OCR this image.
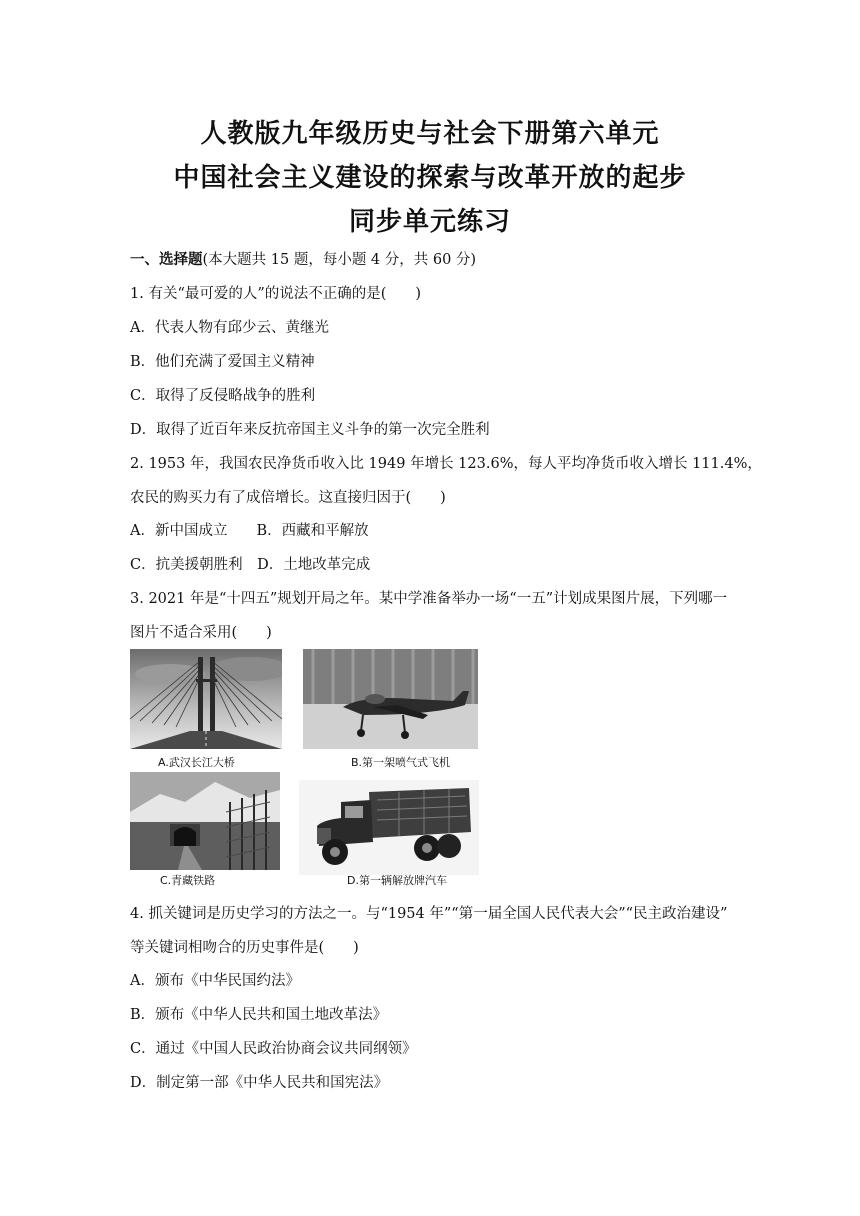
人教版九年级历史与社会下册第六单元
中国社会主义建设的探索与改革开放的起步
同步单元练习
一、选择题(本大题共 15 题，每小题 4 分，共 60 分)
1. 有关“最可爱的人”的说法不正确的是(　　)
A．代表人物有邱少云、黄继光
B．他们充满了爱国主义精神
C．取得了反侵略战争的胜利
D．取得了近百年来反抗帝国主义斗争的第一次完全胜利
2. 1953 年，我国农民净货币收入比 1949 年增长 123.6%，每人平均净货币收入增长 111.4%，
农民的购买力有了成倍增长。这直接归因于(　　)
A．新中国成立　　B．西藏和平解放
C．抗美援朝胜利　D．土地改革完成
3. 2021 年是“十四五”规划开局之年。某中学准备举办一场“一五”计划成果图片展，下列哪一
图片不适合采用(　　)
A.武汉长江大桥	B.第一架喷气式飞机
C.青藏铁路	D.第一辆解放牌汽车
4. 抓关键词是历史学习的方法之一。与“1954 年”“第一届全国人民代表大会”“民主政治建设”
等关键词相吻合的历史事件是(　　)
A．颁布《中华民国约法》
B．颁布《中华人民共和国土地改革法》
C．通过《中国人民政治协商会议共同纲领》
D．制定第一部《中华人民共和国宪法》
